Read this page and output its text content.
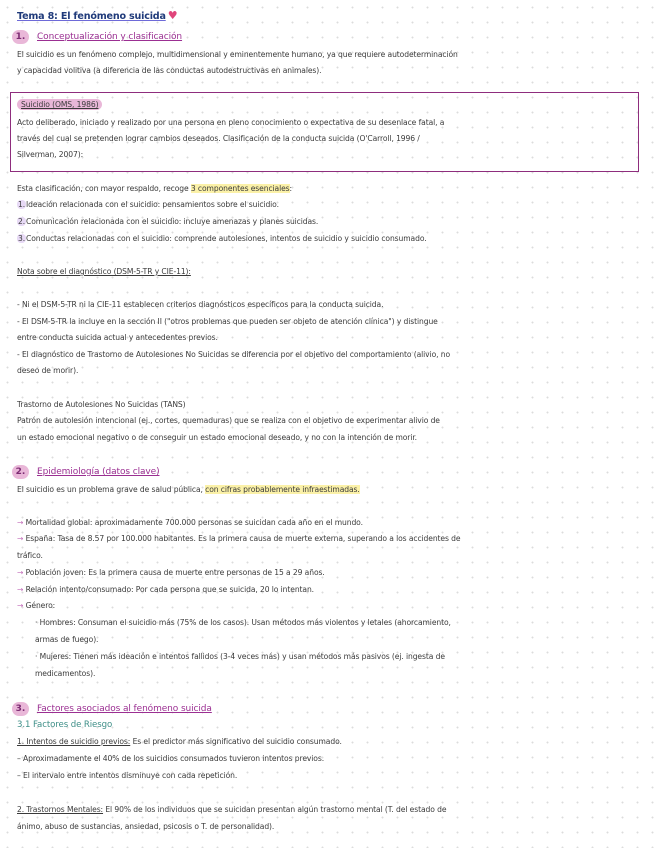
Tema 8: El fenómeno suicida ♥
1.	Conceptualización y clasificación
El suicidio es un fenómeno complejo, multidimensional y eminentemente humano, ya que requiere autodeterminación
y capacidad volitiva (a diferencia de las conductas autodestructivas en animales).
Suicidio (OMS, 1986)
Acto deliberado, iniciado y realizado por una persona en pleno conocimiento o expectativa de su desenlace fatal, a
través del cual se pretenden lograr cambios deseados. Clasificación de la conducta suicida (O'Carroll, 1996 /
Silverman, 2007):
Esta clasificación, con mayor respaldo, recoge 3 componentes esenciales:
1.Ideación relacionada con el suicidio: pensamientos sobre el suicidio.
2.Comunicación relacionada con el suicidio: incluye amenazas y planes suicidas.
3.Conductas relacionadas con el suicidio: comprende autolesiones, intentos de suicidio y suicidio consumado.
Nota sobre el diagnóstico (DSM-5-TR y CIE-11):
- Ni el DSM-5-TR ni la CIE-11 establecen criterios diagnósticos específicos para la conducta suicida.
- El DSM-5-TR la incluye en la sección II ("otros problemas que pueden ser objeto de atención clínica") y distingue
entre conducta suicida actual y antecedentes previos.
- El diagnóstico de Trastorno de Autolesiones No Suicidas se diferencia por el objetivo del comportamiento (alivio, no
deseo de morir).
Trastorno de Autolesiones No Suicidas (TANS)
Patrón de autolesión intencional (ej., cortes, quemaduras) que se realiza con el objetivo de experimentar alivio de
un estado emocional negativo o de conseguir un estado emocional deseado, y no con la intención de morir.
2.	Epidemiología (datos clave)
El suicidio es un problema grave de salud pública, con cifras probablemente infraestimadas.
→ Mortalidad global: aproximadamente 700.000 personas se suicidan cada año en el mundo.
→ España: Tasa de 8.57 por 100.000 habitantes. Es la primera causa de muerte externa, superando a los accidentes de
tráfico.
→ Población joven: Es la primera causa de muerte entre personas de 15 a 29 años.
→ Relación intento/consumado: Por cada persona que se suicida, 20 lo intentan.
→ Género:
· Hombres: Consuman el suicidio más (75% de los casos). Usan métodos más violentos y letales (ahorcamiento,
armas de fuego).
· Mujeres: Tienen más ideación e intentos fallidos (3-4 veces más) y usan métodos más pasivos (ej. ingesta de
medicamentos).
3.	Factores asociados al fenómeno suicida
3.1 Factores de Riesgo
1. Intentos de suicidio previos: Es el predictor más significativo del suicidio consumado.
– Aproximadamente el 40% de los suicidios consumados tuvieron intentos previos.
– El intervalo entre intentos disminuye con cada repetición.
2. Trastornos Mentales: El 90% de los individuos que se suicidan presentan algún trastorno mental (T. del estado de
ánimo, abuso de sustancias, ansiedad, psicosis o T. de personalidad).
